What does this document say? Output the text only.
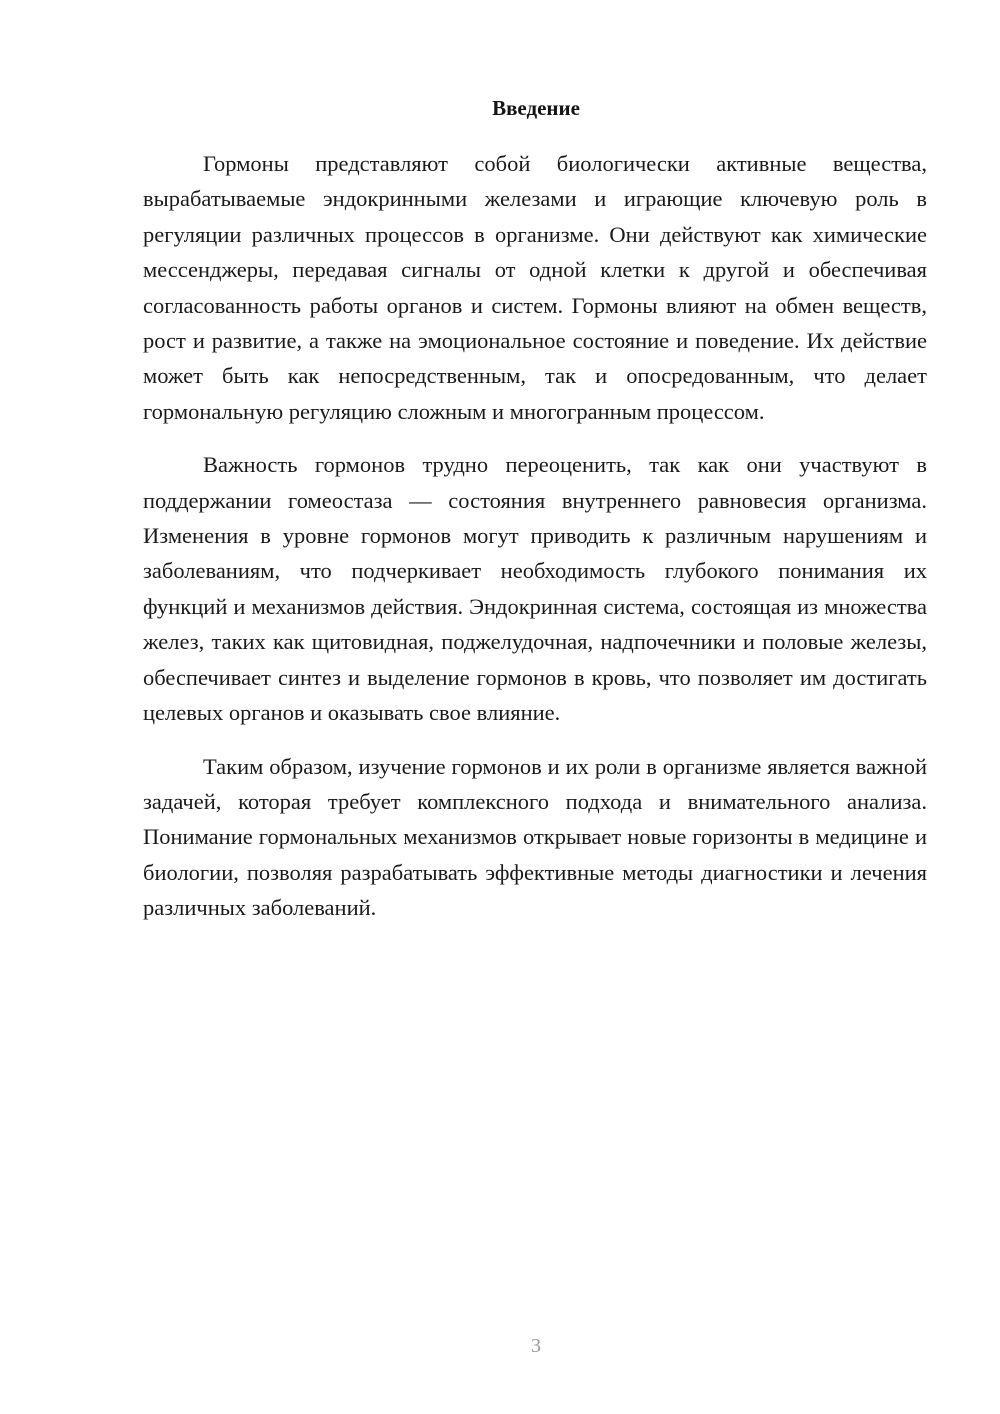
Введение

Гормоны представляют собой биологически активные вещества, вырабатываемые эндокринными железами и играющие ключевую роль в регуляции различных процессов в организме. Они действуют как химические мессенджеры, передавая сигналы от одной клетки к другой и обеспечивая согласованность работы органов и систем. Гормоны влияют на обмен веществ, рост и развитие, а также на эмоциональное состояние и поведение. Их действие может быть как непосредственным, так и опосредованным, что делает гормональную регуляцию сложным и многогранным процессом.

Важность гормонов трудно переоценить, так как они участвуют в поддержании гомеостаза — состояния внутреннего равновесия организма. Изменения в уровне гормонов могут приводить к различным нарушениям и заболеваниям, что подчеркивает необходимость глубокого понимания их функций и механизмов действия. Эндокринная система, состоящая из множества желез, таких как щитовидная, поджелудочная, надпочечники и половые железы, обеспечивает синтез и выделение гормонов в кровь, что позволяет им достигать целевых органов и оказывать свое влияние.

Таким образом, изучение гормонов и их роли в организме является важной задачей, которая требует комплексного подхода и внимательного анализа. Понимание гормональных механизмов открывает новые горизонты в медицине и биологии, позволяя разрабатывать эффективные методы диагностики и лечения различных заболеваний.

3
